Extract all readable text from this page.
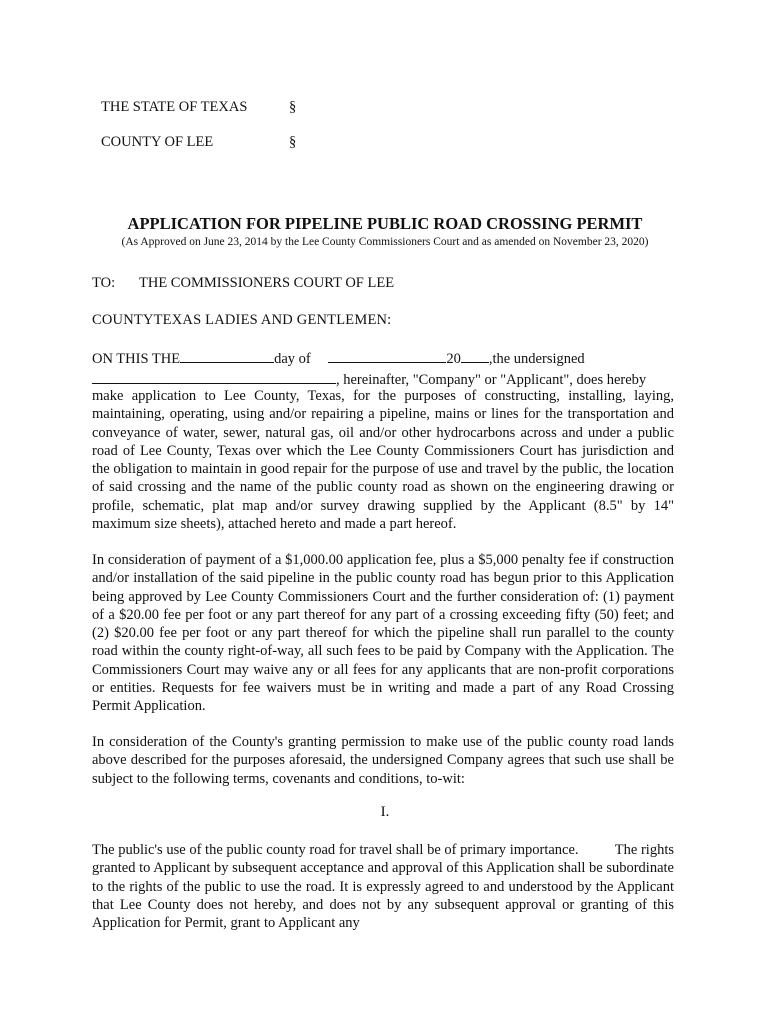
THE STATE OF TEXAS	§
COUNTY OF LEE	§
APPLICATION FOR PIPELINE PUBLIC ROAD CROSSING PERMIT
(As Approved on June 23, 2014 by the Lee County Commissioners Court and as amended on November 23, 2020)
TO: THE COMMISSIONERS COURT OF LEE
COUNTYTEXAS LADIES AND GENTLEMEN:
ON THIS THE	day of	20 ,the undersigned
, hereinafter, "Company" or "Applicant", does hereby
make application to Lee County, Texas, for the purposes of constructing, installing, laying, maintaining, operating, using and/or repairing a pipeline, mains or lines for the transportation and conveyance of water, sewer, natural gas, oil and/or other hydrocarbons across and under a public road of Lee County, Texas over which the Lee County Commissioners Court has jurisdiction and the obligation to maintain in good repair for the purpose of use and travel by the public, the location of said crossing and the name of the public county road as shown on the engineering drawing or profile, schematic, plat map and/or survey drawing supplied by the Applicant (8.5" by 14" maximum size sheets), attached hereto and made a part hereof.
In consideration of payment of a $1,000.00 application fee, plus a $5,000 penalty fee if construction and/or installation of the said pipeline in the public county road has begun prior to this Application being approved by Lee County Commissioners Court and the further consideration of: (1) payment of a $20.00 fee per foot or any part thereof for any part of a crossing exceeding fifty (50) feet; and (2) $20.00 fee per foot or any part thereof for which the pipeline shall run parallel to the county road within the county right-of-way, all such fees to be paid by Company with the Application. The Commissioners Court may waive any or all fees for any applicants that are non-profit corporations or entities. Requests for fee waivers must be in writing and made a part of any Road Crossing Permit Application.
In consideration of the County's granting permission to make use of the public county road lands above described for the purposes aforesaid, the undersigned Company agrees that such use shall be subject to the following terms, covenants and conditions, to-wit:
I.
The public's use of the public county road for travel shall be of primary importance.          The rights granted to Applicant by subsequent acceptance and approval of this Application shall be subordinate to the rights of the public to use the road. It is expressly agreed to and understood by the Applicant that Lee County does not hereby, and does not by any subsequent approval or granting of this Application for Permit, grant to Applicant any
